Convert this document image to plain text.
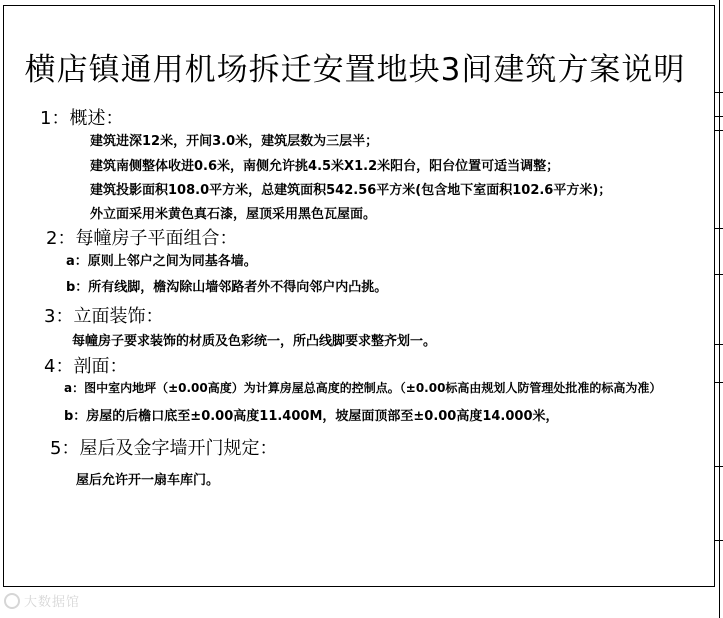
横店镇通用机场拆迁安置地块3间建筑方案说明
1：概述：

建筑进深12米，开间3.0米，建筑层数为三层半；

建筑南侧整体收进0.6米，南侧允许挑4.5米X1.2米阳台，阳台位置可适当调整；

建筑投影面积108.0平方米，总建筑面积542.56平方米(包含地下室面积102.6平方米)；

外立面采用米黄色真石漆，屋顶采用黑色瓦屋面。

2：每幢房子平面组合：

a：原则上邻户之间为同基各墙。

b：所有线脚，檐沟除山墙邻路者外不得向邻户内凸挑。

3：立面装饰：

每幢房子要求装饰的材质及色彩统一，所凸线脚要求整齐划一。

4：剖面：

a：图中室内地坪（±0.00高度）为计算房屋总高度的控制点。（±0.00标高由规划人防管理处批准的标高为准）

b：房屋的后檐口底至±0.00高度11.400M，坡屋面顶部至±0.00高度14.000米，

5：屋后及金字墙开门规定：

屋后允许开一扇车库门。

大数据馆
